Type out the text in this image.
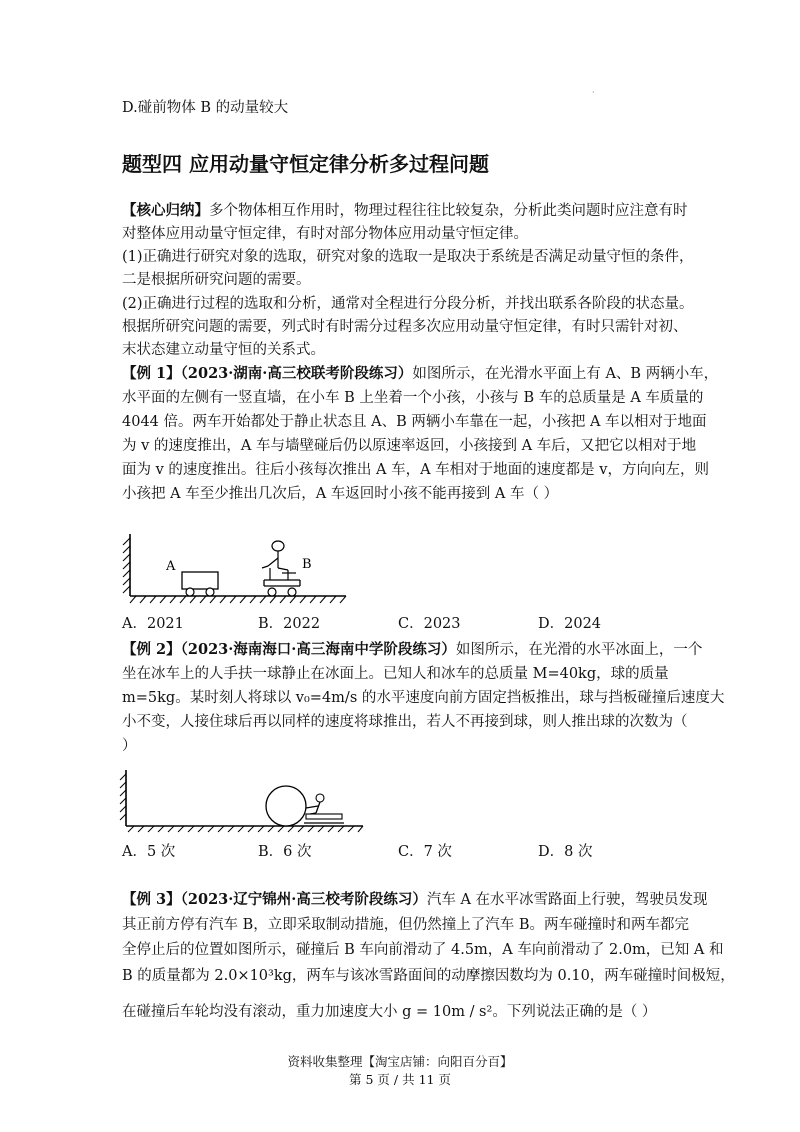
·
D.碰前物体 B 的动量较大
题型四 应用动量守恒定律分析多过程问题
【核心归纳】多个物体相互作用时，物理过程往往比较复杂，分析此类问题时应注意有时
对整体应用动量守恒定律，有时对部分物体应用动量守恒定律。
(1)正确进行研究对象的选取，研究对象的选取一是取决于系统是否满足动量守恒的条件，
二是根据所研究问题的需要。
(2)正确进行过程的选取和分析，通常对全程进行分段分析，并找出联系各阶段的状态量。
根据所研究问题的需要，列式时有时需分过程多次应用动量守恒定律，有时只需针对初、
末状态建立动量守恒的关系式。
【例 1】（2023·湖南·高三校联考阶段练习）如图所示，在光滑水平面上有 A、B 两辆小车，
水平面的左侧有一竖直墙，在小车 B 上坐着一个小孩，小孩与 B 车的总质量是 A 车质量的
4044 倍。两车开始都处于静止状态且 A、B 两辆小车靠在一起，小孩把 A 车以相对于地面
为 v 的速度推出，A 车与墙壁碰后仍以原速率返回，小孩接到 A 车后，又把它以相对于地
面为 v 的速度推出。往后小孩每次推出 A 车，A 车相对于地面的速度都是 v，方向向左，则
小孩把 A 车至少推出几次后，A 车返回时小孩不能再接到 A 车（ ）
A	B
A．2021	B．2022	C．2023	D．2024
【例 2】（2023·海南海口·高三海南中学阶段练习）如图所示，在光滑的水平冰面上，一个
坐在冰车上的人手扶一球静止在冰面上。已知人和冰车的总质量 M=40kg，球的质量
m=5kg。某时刻人将球以 v₀=4m/s 的水平速度向前方固定挡板推出，球与挡板碰撞后速度大
小不变，人接住球后再以同样的速度将球推出，若人不再接到球，则人推出球的次数为（
）
A．5 次	B．6 次	C．7 次	D．8 次
【例 3】（2023·辽宁锦州·高三校考阶段练习）汽车 A 在水平冰雪路面上行驶，驾驶员发现
其正前方停有汽车 B，立即采取制动措施，但仍然撞上了汽车 B。两车碰撞时和两车都完
全停止后的位置如图所示，碰撞后 B 车向前滑动了 4.5m，A 车向前滑动了 2.0m，已知 A 和
B 的质量都为 2.0×10³kg，两车与该冰雪路面间的动摩擦因数均为 0.10，两车碰撞时间极短，
在碰撞后车轮均没有滚动，重力加速度大小 g = 10m / s²。下列说法正确的是（ ）
资料收集整理【淘宝店铺：向阳百分百】
第 5 页 / 共 11 页
